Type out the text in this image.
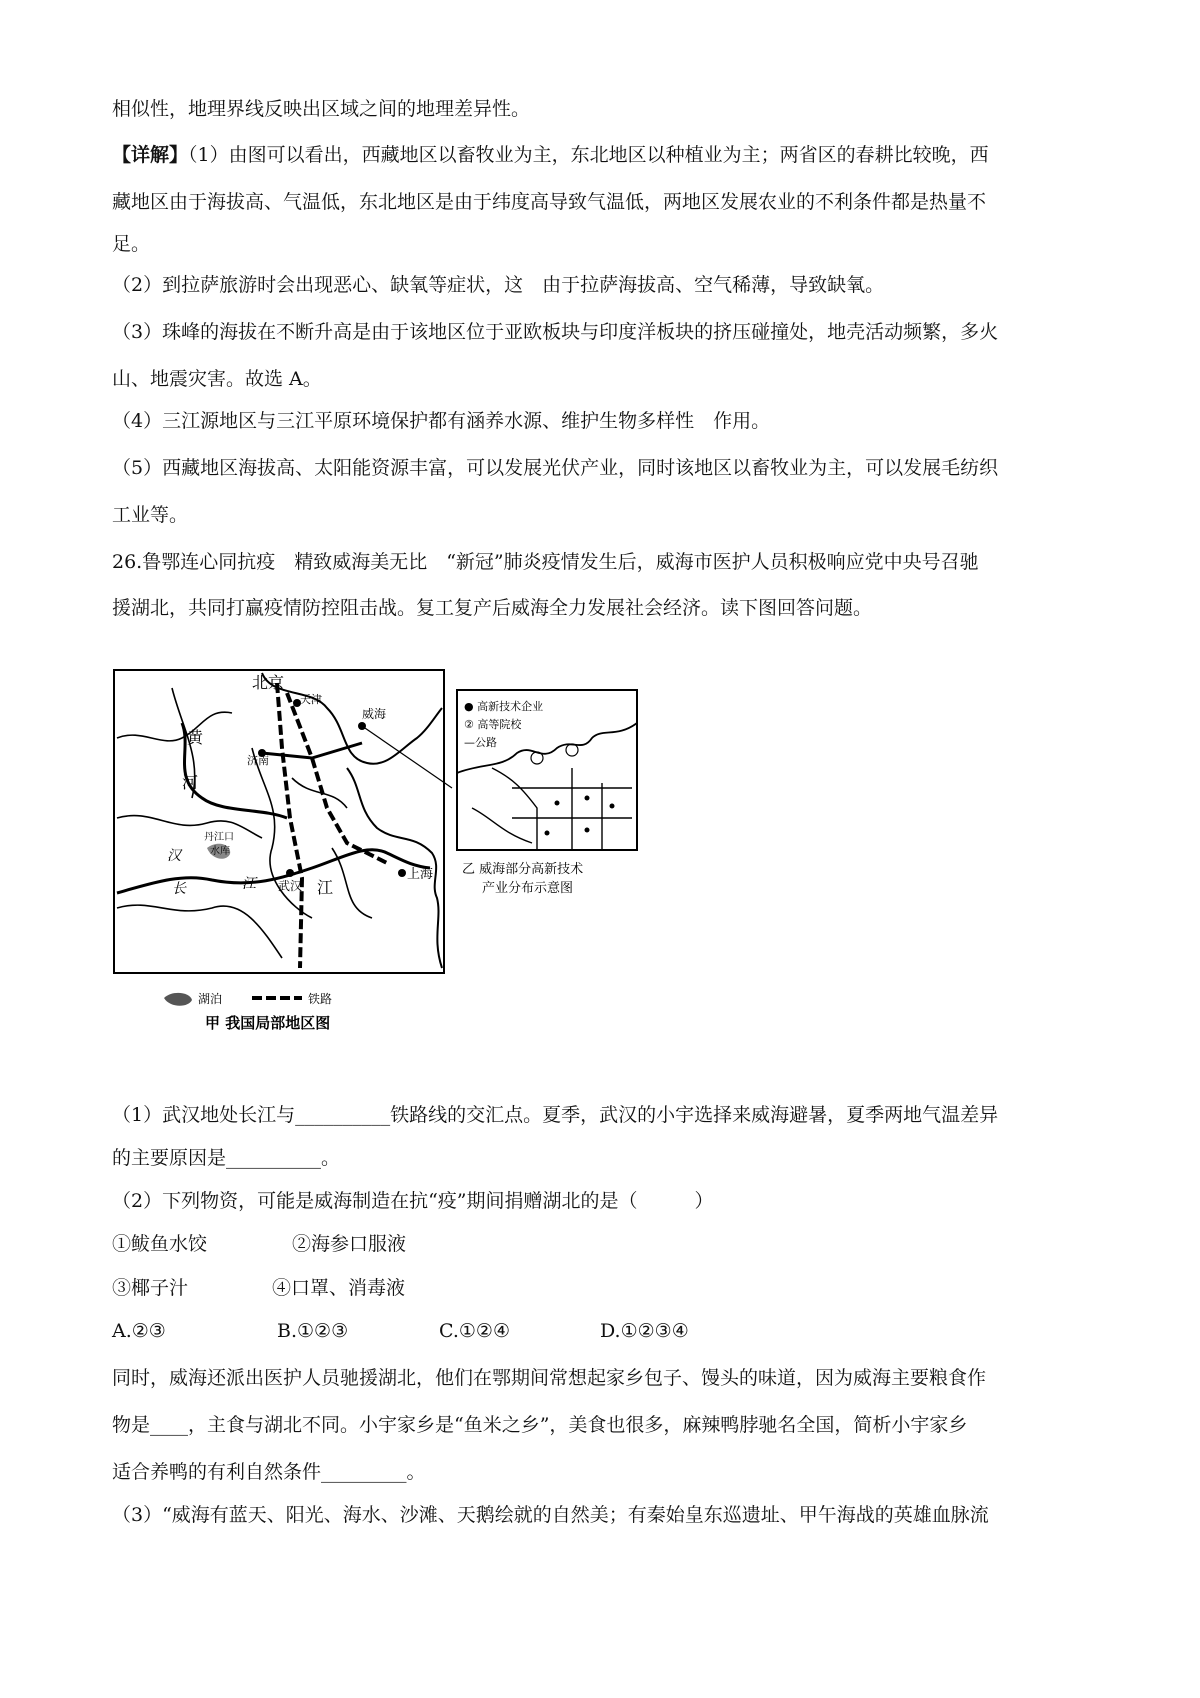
相似性，地理界线反映出区域之间的地理差异性。
【详解】（1）由图可以看出，西藏地区以畜牧业为主，东北地区以种植业为主；两省区的春耕比较晚，西
藏地区由于海拔高、气温低，东北地区是由于纬度高导致气温低，两地区发展农业的不利条件都是热量不
足。
（2）到拉萨旅游时会出现恶心、缺氧等症状，这　由于拉萨海拔高、空气稀薄，导致缺氧。
（3）珠峰的海拔在不断升高是由于该地区位于亚欧板块与印度洋板块的挤压碰撞处，地壳活动频繁，多火
山、地震灾害。故选 A。
（4）三江源地区与三江平原环境保护都有涵养水源、维护生物多样性　作用。
（5）西藏地区海拔高、太阳能资源丰富，可以发展光伏产业，同时该地区以畜牧业为主，可以发展毛纺织
工业等。
26.鲁鄂连心同抗疫　精致威海美无比　“新冠”肺炎疫情发生后，威海市医护人员积极响应党中央号召驰
援湖北，共同打赢疫情防控阻击战。复工复产后威海全力发展社会经济。读下图回答问题。
北京
天津
黄
河
威海
济南
丹江口
水库
汉
长	江 武汉 江
上海
湖泊	铁路
甲 我国局部地区图
● 高新技术企业
② 高等院校
—公路
乙 威海部分高新技术
产业分布示意图
（1）武汉地处长江与__________铁路线的交汇点。夏季，武汉的小宇选择来威海避暑，夏季两地气温差异
的主要原因是__________。
（2）下列物资，可能是威海制造在抗“疫”期间捐赠湖北的是（　　　）
①鲅鱼水饺	②海参口服液
③椰子汁	④口罩、消毒液
A.②③	B.①②③	C.①②④	D.①②③④
同时，威海还派出医护人员驰援湖北，他们在鄂期间常想起家乡包子、馒头的味道，因为威海主要粮食作
物是____，主食与湖北不同。小宇家乡是“鱼米之乡”，美食也很多，麻辣鸭脖驰名全国，简析小宇家乡
适合养鸭的有利自然条件_________。
（3）“威海有蓝天、阳光、海水、沙滩、天鹅绘就的自然美；有秦始皇东巡遗址、甲午海战的英雄血脉流
